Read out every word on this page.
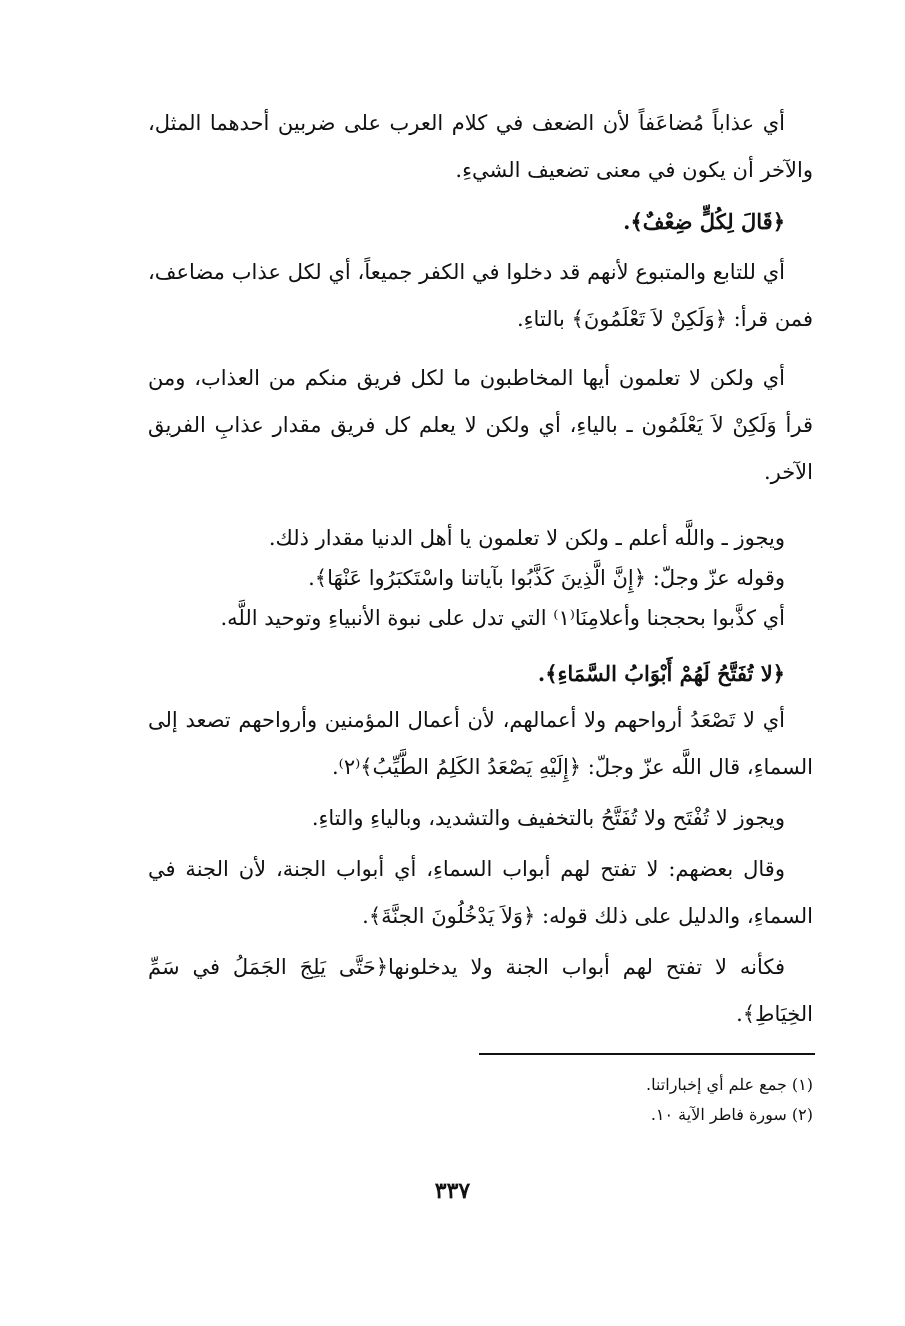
أي عذاباً مُضاعَفاً لأن الضعف في كلام العرب على ضربين أحدهما المثل، والآخر أن يكون في معنى تضعيف الشيءِ.

﴿قَالَ لِكُلٍّ ضِعْفٌ﴾.

أي للتابع والمتبوع لأنهم قد دخلوا في الكفر جميعاً، أي لكل عذاب مضاعف، فمن قرأ: ﴿وَلَكِنْ لاَ تَعْلَمُونَ﴾ بالتاءِ.

أي ولكن لا تعلمون أيها المخاطبون ما لكل فريق منكم من العذاب، ومن قرأ وَلَكِنْ لاَ يَعْلَمُون ـ بالياءِ، أي ولكن لا يعلم كل فريق مقدار عذابِ الفريق الآخر.

ويجوز ـ واللَّه أعلم ـ ولكن لا تعلمون يا أهل الدنيا مقدار ذلك.

وقوله عزّ وجلّ: ﴿إِنَّ الَّذِينَ كَذَّبُوا بآياتنا واسْتَكبَرُوا عَنْهَا﴾.

أي كذَّبوا بحججنا وأعلامِنَا⁽١⁾ التي تدل على نبوة الأنبياءِ وتوحيد اللَّه.

﴿لا تُفَتَّحُ لَهُمْ أَبْوَابُ السَّمَاءِ﴾.

أي لا تَصْعَدُ أرواحهم ولا أعمالهم، لأن أعمال المؤمنين وأرواحهم تصعد إلى السماءِ، قال اللَّه عزّ وجلّ: ﴿إِلَيْهِ يَصْعَدُ الكَلِمُ الطَّيِّبُ﴾⁽٢⁾.

ويجوز لا تُفْتَح ولا تُفَتَّحُ بالتخفيف والتشديد، وبالياءِ والتاءِ.

وقال بعضهم: لا تفتح لهم أبواب السماءِ، أي أبواب الجنة، لأن الجنة في السماءِ، والدليل على ذلك قوله: ﴿وَلاَ يَدْخُلُونَ الجنَّةَ﴾.

فكأنه لا تفتح لهم أبواب الجنة ولا يدخلونها﴿حَتَّى يَلِجَ الجَمَلُ في سَمِّ الخِيَاطِ﴾.

(١) جمع علم أي إخباراتنا.

(٢) سورة فاطر الآية ١٠.

٣٣٧
